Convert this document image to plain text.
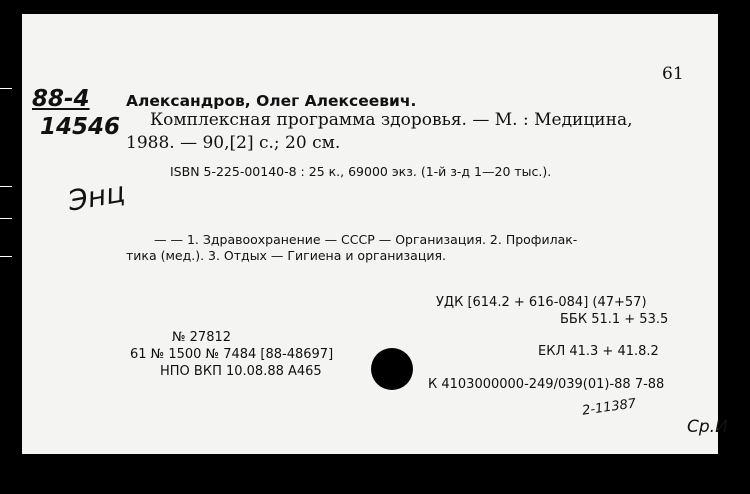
61
88-4
14546
Александров, Олег Алексеевич.
Комплексная программа здоровья. — М. : Медицина,
1988. — 90,[2] с.; 20 см.
ISBN 5-225-00140-8 : 25 к., 69000 экз. (1-й з-д 1—20 тыс.).
Энц
— — 1. Здравоохранение — СССР — Организация. 2. Профилак-
тика (мед.). 3. Отдых — Гигиена и организация.
УДК [614.2 + 616-084] (47+57)
ББК 51.1 + 53.5
№ 27812
61 № 1500 № 7484 [88-48697]
НПО ВКП 10.08.88 А465
ЕКЛ 41.3 + 41.8.2
К 4103000000-249/039(01)-88 7-88
2-11387
Ср.И
